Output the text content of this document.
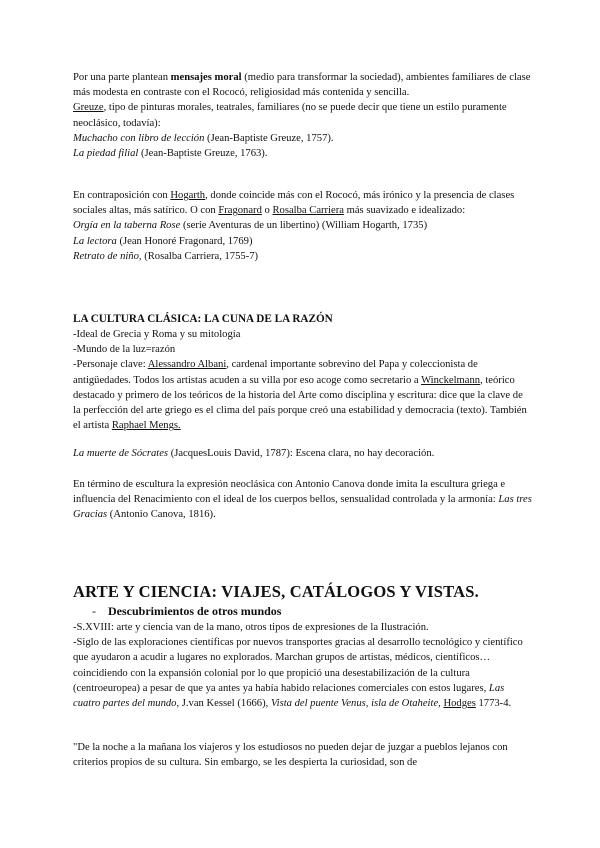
Por una parte plantean mensajes moral (medio para transformar la sociedad), ambientes familiares de clase más modesta en contraste con el Rococó, religiosidad más contenida y sencilla.
Greuze, tipo de pinturas morales, teatrales, familiares (no se puede decir que tiene un estilo puramente neoclásico, todavía):
Muchacho con libro de lección (Jean-Baptiste Greuze, 1757).
La piedad filial (Jean-Baptiste Greuze, 1763).
En contraposición con Hogarth, donde coincide más con el Rococó, más irónico y la presencia de clases sociales altas, más satírico. O con Fragonard o Rosalba Carriera más suavizado e idealizado:
Orgía en la taberna Rose (serie Aventuras de un libertino) (William Hogarth, 1735)
La lectora (Jean Honoré Fragonard, 1769)
Retrato de niño, (Rosalba Carriera, 1755-7)
LA CULTURA CLÁSICA: LA CUNA DE LA RAZÓN
-Ideal de Grecia y Roma y su mitología
-Mundo de la luz=razón
-Personaje clave: Alessandro Albani, cardenal importante sobrevino del Papa y coleccionista de antigüedades. Todos los artistas acuden a su villa por eso acoge como secretario a Winckelmann, teórico destacado y primero de los teóricos de la historia del Arte como disciplina y escritura: dice que la clave de la perfección del arte griego es el clima del país porque creó una estabilidad y democracia (texto). También el artista Raphael Mengs.
La muerte de Sócrates (JacquesLouis David, 1787): Escena clara, no hay decoración.
En término de escultura la expresión neoclásica con Antonio Canova donde imita la escultura griega e influencia del Renacimiento con el ideal de los cuerpos bellos, sensualidad controlada y la armonía: Las tres Gracias (Antonio Canova, 1816).
ARTE Y CIENCIA: VIAJES, CATÁLOGOS Y VISTAS.
- Descubrimientos de otros mundos
-S.XVIII: arte y ciencia van de la mano, otros tipos de expresiones de la Ilustración.
-Siglo de las exploraciones científicas por nuevos transportes gracias al desarrollo tecnológico y científico que ayudaron a acudir a lugares no explorados. Marchan grupos de artistas, médicos, científicos… coincidiendo con la expansión colonial por lo que propició una desestabilización de la cultura (centroeuropea) a pesar de que ya antes ya había habido relaciones comerciales con estos lugares, Las cuatro partes del mundo, J.van Kessel (1666), Vista del puente Venus, isla de Otaheite, Hodges 1773-4.
"De la noche a la mañana los viajeros y los estudiosos no pueden dejar de juzgar a pueblos lejanos con criterios propios de su cultura. Sin embargo, se les despierta la curiosidad, son de
